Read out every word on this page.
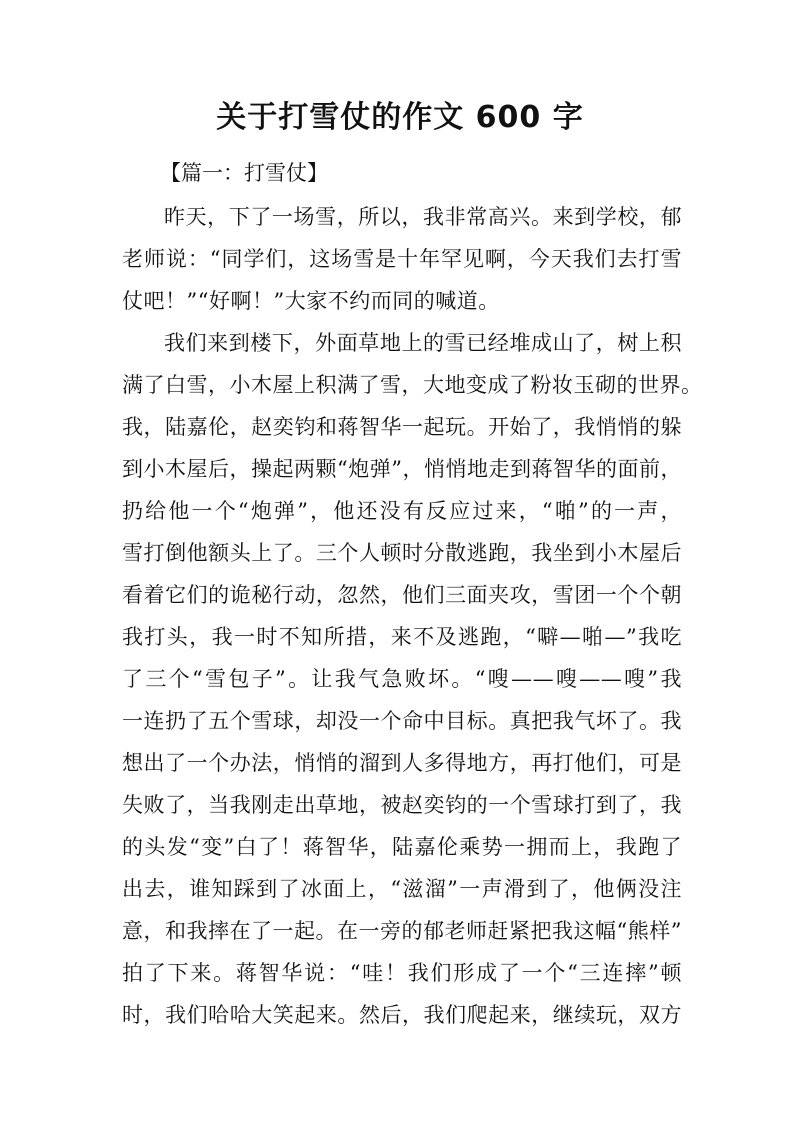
关于打雪仗的作文 600 字
【篇一：打雪仗】
昨天，下了一场雪，所以，我非常高兴。来到学校，郁
老师说：“同学们，这场雪是十年罕见啊，今天我们去打雪
仗吧！”“好啊！”大家不约而同的喊道。
我们来到楼下，外面草地上的雪已经堆成山了，树上积
满了白雪，小木屋上积满了雪，大地变成了粉妆玉砌的世界。
我，陆嘉伦，赵奕钧和蒋智华一起玩。开始了，我悄悄的躲
到小木屋后，操起两颗“炮弹”，悄悄地走到蒋智华的面前，
扔给他一个“炮弹”，他还没有反应过来，“啪”的一声，
雪打倒他额头上了。三个人顿时分散逃跑，我坐到小木屋后
看着它们的诡秘行动，忽然，他们三面夹攻，雪团一个个朝
我打头，我一时不知所措，来不及逃跑，“噼—啪—”我吃
了三个“雪包子”。让我气急败坏。“嗖——嗖——嗖”我
一连扔了五个雪球，却没一个命中目标。真把我气坏了。我
想出了一个办法，悄悄的溜到人多得地方，再打他们，可是
失败了，当我刚走出草地，被赵奕钧的一个雪球打到了，我
的头发“变”白了！蒋智华，陆嘉伦乘势一拥而上，我跑了
出去，谁知踩到了冰面上，“滋溜”一声滑到了，他俩没注
意，和我摔在了一起。在一旁的郁老师赶紧把我这幅“熊样”
拍了下来。蒋智华说：“哇！我们形成了一个“三连摔”顿
时，我们哈哈大笑起来。然后，我们爬起来，继续玩，双方
